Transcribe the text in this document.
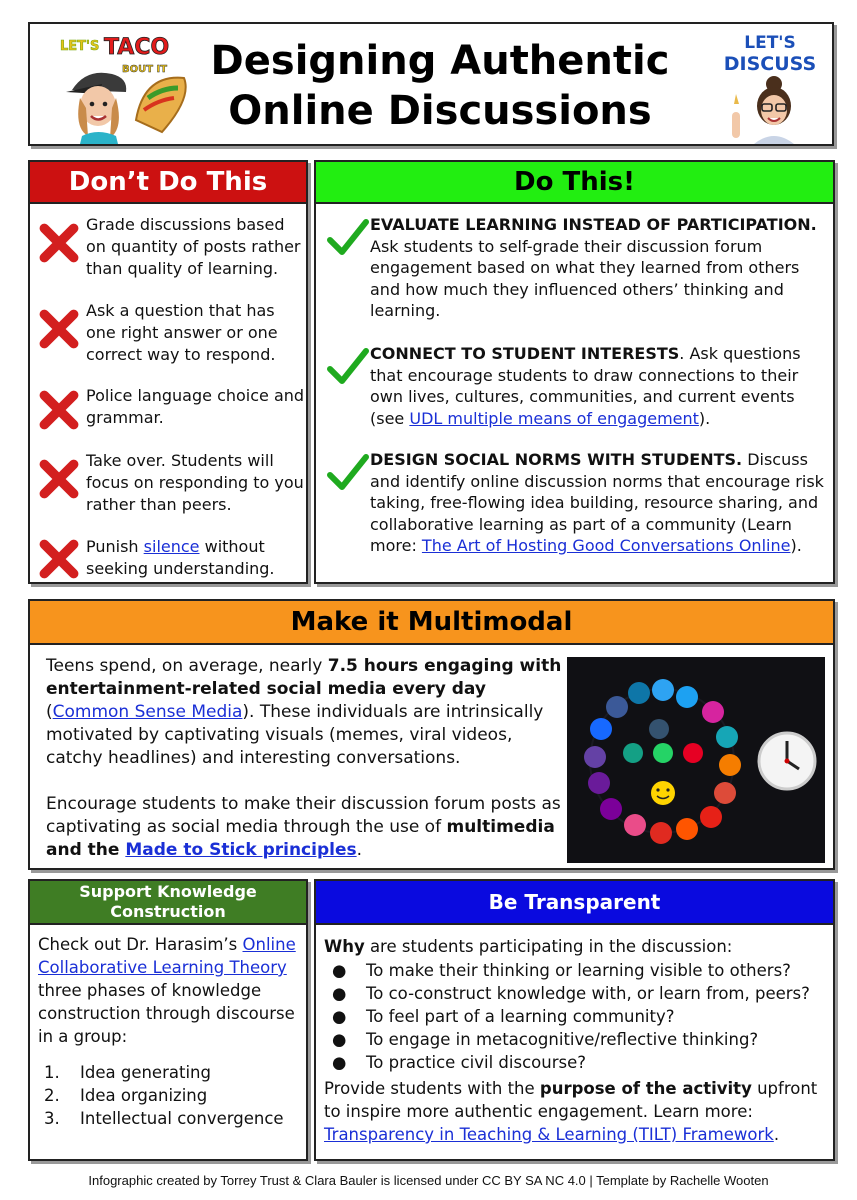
LET'S TACO
BOUT IT Designing Authentic
Online Discussions
LET'S
DISCUSS
Don’t Do This
Grade discussions based on quantity of posts rather than quality of learning.
Ask a question that has one right answer or one correct way to respond.
Police language choice and grammar.
Take over. Students will focus on responding to you rather than peers.
Punish silence without seeking understanding.
Do This!
EVALUATE LEARNING INSTEAD OF PARTICIPATION. Ask students to self-grade their discussion forum engagement based on what they learned from others and how much they influenced others’ thinking and learning.
CONNECT TO STUDENT INTERESTS. Ask questions that encourage students to draw connections to their own lives, cultures, communities, and current events (see UDL multiple means of engagement).
DESIGN SOCIAL NORMS WITH STUDENTS. Discuss and identify online discussion norms that encourage risk taking, free-flowing idea building, resource sharing, and collaborative learning as part of a community (Learn more: The Art of Hosting Good Conversations Online).
Make it Multimodal

Teens spend, on average, nearly 7.5 hours engaging with entertainment-related social media every day (Common Sense Media). These individuals are intrinsically motivated by captivating visuals (memes, viral videos, catchy headlines) and interesting conversations.

Encourage students to make their discussion forum posts as captivating as social media through the use of multimedia and the Made to Stick principles.

Support Knowledge Construction
Check out Dr. Harasim’s Online Collaborative Learning Theory three phases of knowledge construction through discourse in a group:
1. Idea generating
2. Idea organizing
3. Intellectual convergence
Be Transparent
Why are students participating in the discussion:
● To make their thinking or learning visible to others?
● To co-construct knowledge with, or learn from, peers?
● To feel part of a learning community?
● To engage in metacognitive/reflective thinking?
● To practice civil discourse?
Provide students with the purpose of the activity upfront to inspire more authentic engagement. Learn more: Transparency in Teaching & Learning (TILT) Framework.
Infographic created by Torrey Trust & Clara Bauler is licensed under CC BY SA NC 4.0 | Template by Rachelle Wooten
